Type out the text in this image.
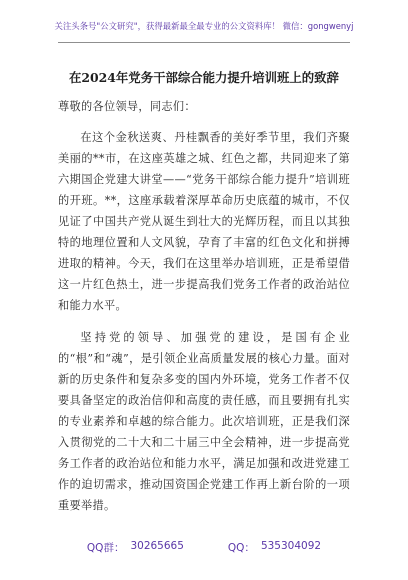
关注头条号"公文研究"，获得最新最全最专业的公文资料库！ 微信：gongwenyj
在2024年党务干部综合能力提升培训班上的致辞

尊敬的各位领导，同志们：

在这个金秋送爽、丹桂飘香的美好季节里，我们齐聚美丽的**市，在这座英雄之城、红色之都，共同迎来了第六期国企党建大讲堂——“党务干部综合能力提升”培训班的开班。**，这座承载着深厚革命历史底蕴的城市，不仅见证了中国共产党从诞生到壮大的光辉历程，而且以其独特的地理位置和人文风貌，孕育了丰富的红色文化和拼搏进取的精神。今天，我们在这里举办培训班，正是希望借这一片红色热土，进一步提高我们党务工作者的政治站位和能力水平。

坚持党的领导、加强党的建设，是国有企业的“根”和“魂”，是引领企业高质量发展的核心力量。面对新的历史条件和复杂多变的国内外环境，党务工作者不仅要具备坚定的政治信仰和高度的责任感，而且要拥有扎实的专业素养和卓越的综合能力。此次培训班，正是我们深入贯彻党的二十大和二十届三中全会精神，进一步提高党务工作者的政治站位和能力水平，满足加强和改进党建工作的迫切需求，推动国资国企党建工作再上新台阶的一项重要举措。

QQ群： 30265665	QQ： 535304092
